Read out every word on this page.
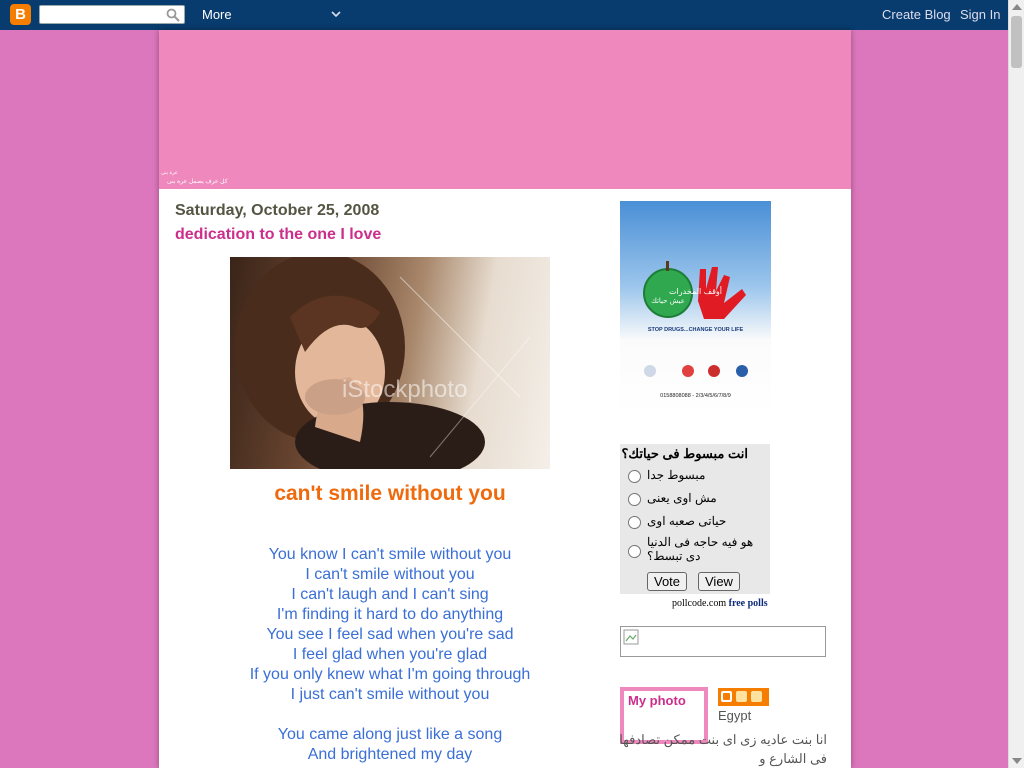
B	More	Create Blog Sign In
عرة بنى
كل عرف يصمل عرة بنى
Saturday, October 25, 2008
dedication to the one I love
iStockphoto
can't smile without you
You know I can't smile without you
I can't smile without you
I can't laugh and I can't sing
I'm finding it hard to do anything
You see I feel sad when you're sad
I feel glad when you're glad
If you only knew what I'm going through
I just can't smile without you
You came along just like a song
And brightened my day
أوقف المخدرات
عيش حياتك
STOP DRUGS...CHANGE YOUR LIFE
0158808088 - 2/3/4/5/6/7/8/9
انت مبسوط فى حياتك؟
مبسوط جدا
مش اوى يعنى
حياتى صعبه اوى
هو فيه حاجه فى الدنيا دى تبسط؟
Vote	View
pollcode.com free polls
My photo
Egypt
انا بنت عاديه زى اى بنت ممكن تصادفها فى الشارع و
